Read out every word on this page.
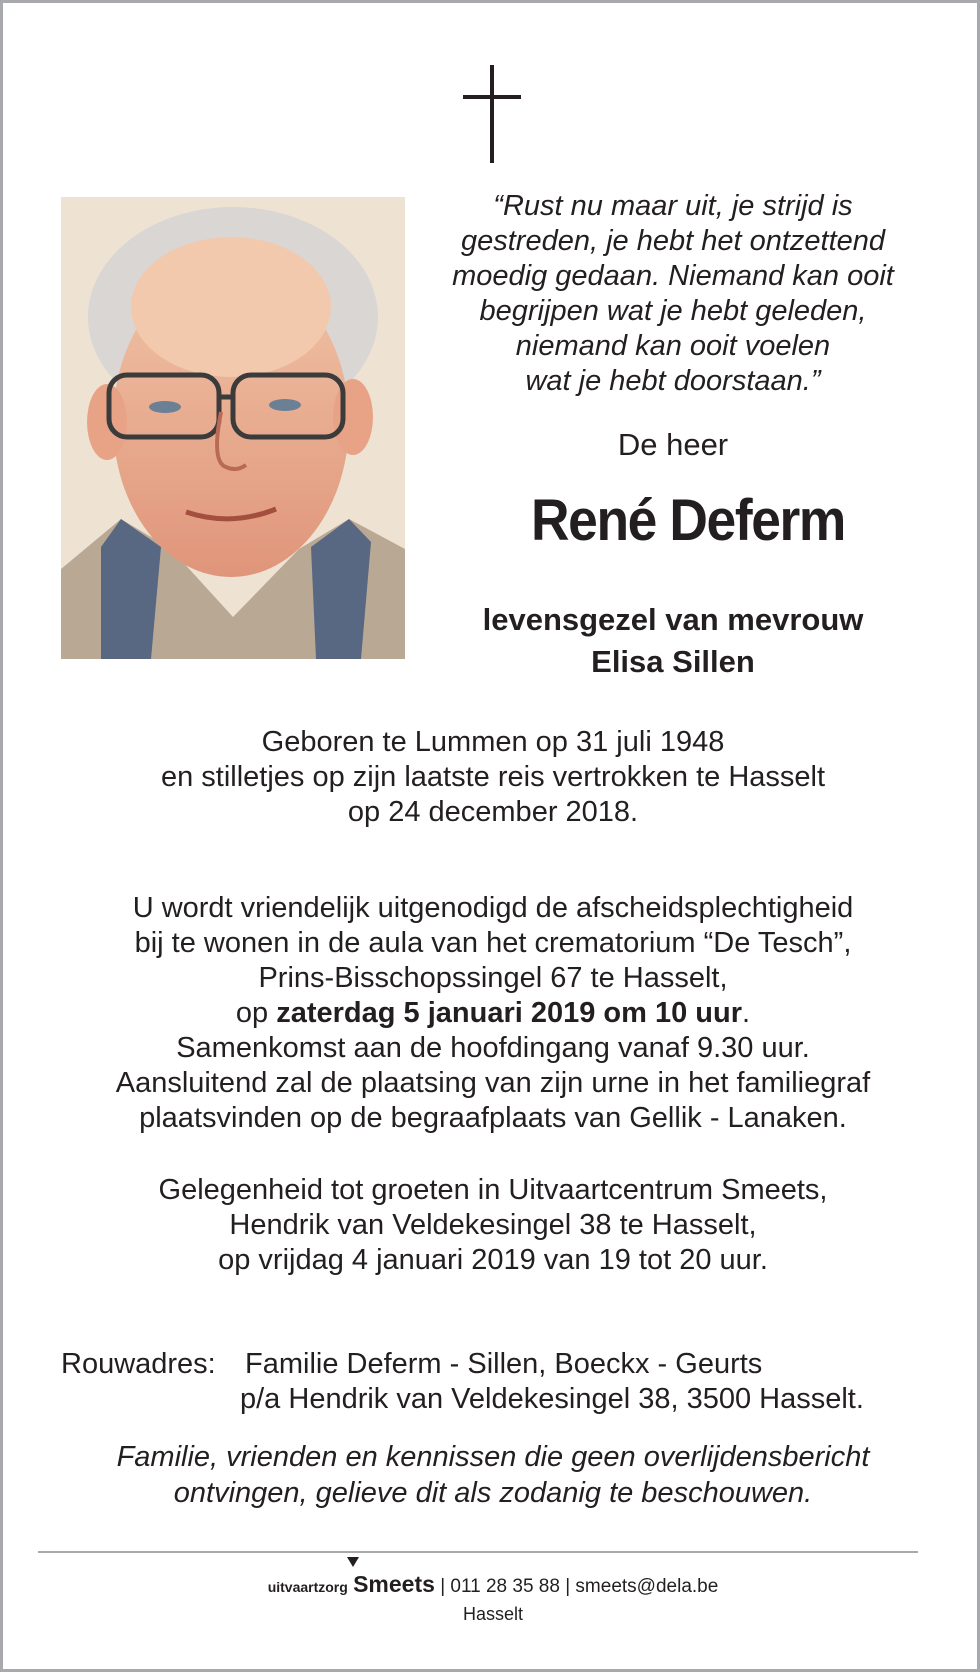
“Rust nu maar uit, je strijd is
gestreden, je hebt het ontzettend
moedig gedaan. Niemand kan ooit
begrijpen wat je hebt geleden,
niemand kan ooit voelen
wat je hebt doorstaan.”

De heer

René Deferm

levensgezel van mevrouw
Elisa Sillen

Geboren te Lummen op 31 juli 1948
en stilletjes op zijn laatste reis vertrokken te Hasselt
op 24 december 2018.

U wordt vriendelijk uitgenodigd de afscheidsplechtigheid
bij te wonen in de aula van het crematorium “De Tesch”,
Prins-Bisschopssingel 67 te Hasselt,
op zaterdag 5 januari 2019 om 10 uur.
Samenkomst aan de hoofdingang vanaf 9.30 uur.
Aansluitend zal de plaatsing van zijn urne in het familiegraf
plaatsvinden op de begraafplaats van Gellik - Lanaken.

Gelegenheid tot groeten in Uitvaartcentrum Smeets,
Hendrik van Veldekesingel 38 te Hasselt,
op vrijdag 4 januari 2019 van 19 tot 20 uur.

Rouwadres: Familie Deferm - Sillen, Boeckx - Geurts
p/a Hendrik van Veldekesingel 38, 3500 Hasselt.

Familie, vrienden en kennissen die geen overlijdensbericht
ontvingen, gelieve dit als zodanig te beschouwen.

uitvaartzorg Smeets | 011 28 35 88 | smeets@dela.be
Hasselt
